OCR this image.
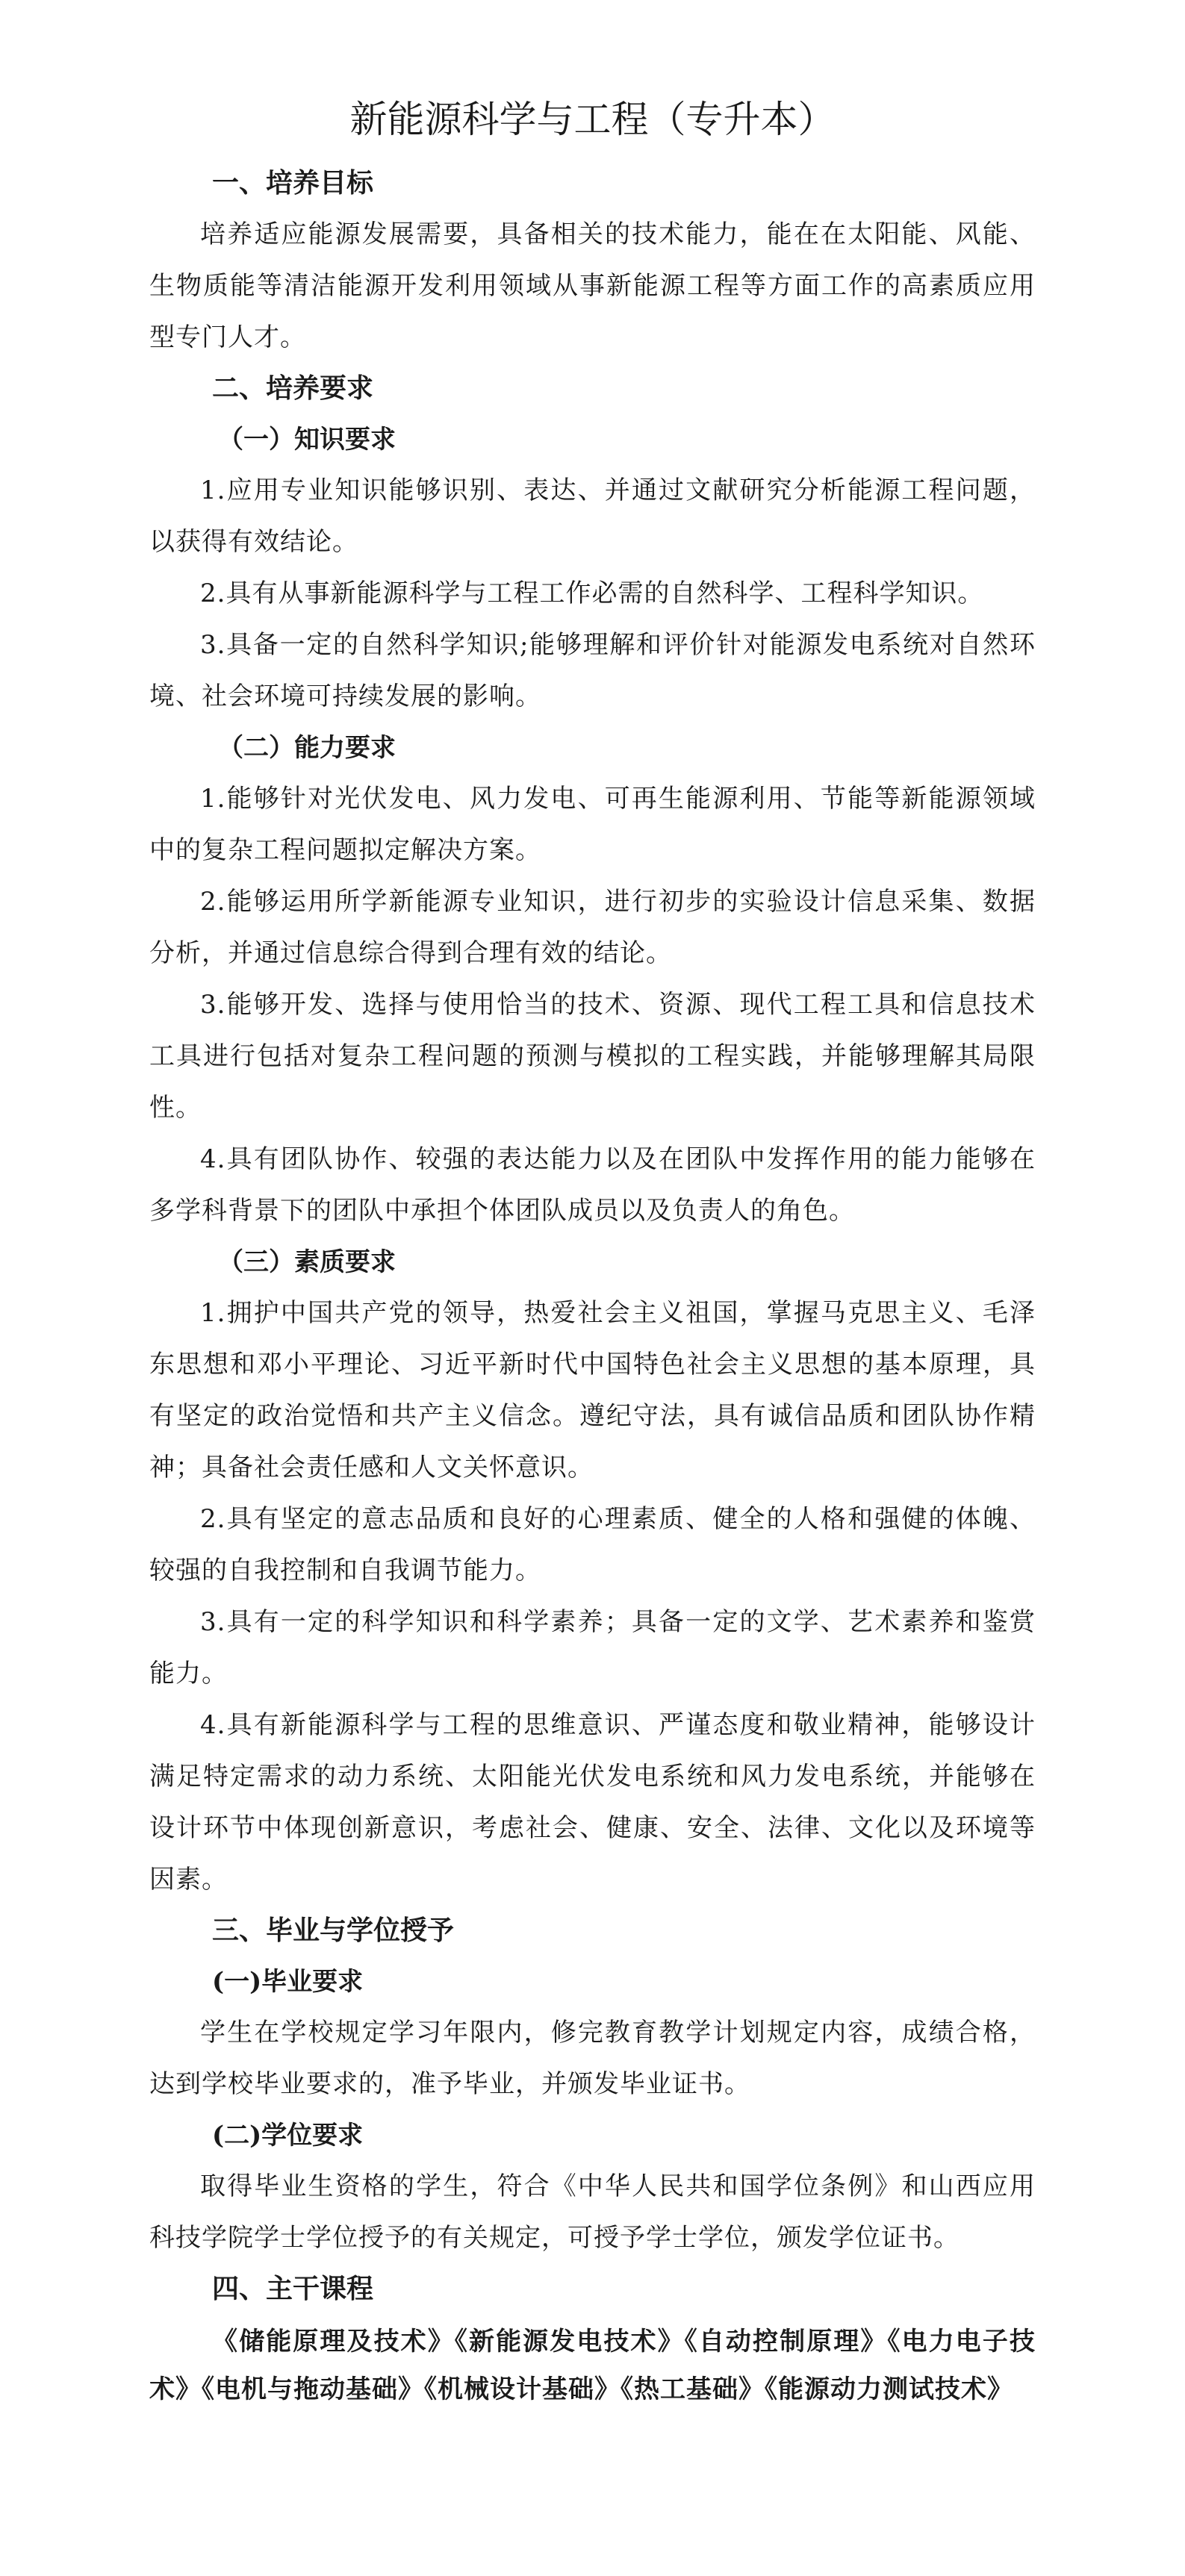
新能源科学与工程（专升本）
一、培养目标

培养适应能源发展需要，具备相关的技术能力，能在在太阳能、风能、生物质能等清洁能源开发利用领域从事新能源工程等方面工作的高素质应用型专门人才。

二、培养要求
（一）知识要求

1.应用专业知识能够识别、表达、并通过文献研究分析能源工程问题，以获得有效结论。

2.具有从事新能源科学与工程工作必需的自然科学、工程科学知识。

3.具备一定的自然科学知识;能够理解和评价针对能源发电系统对自然环境、社会环境可持续发展的影响。

（二）能力要求

1.能够针对光伏发电、风力发电、可再生能源利用、节能等新能源领域中的复杂工程问题拟定解决方案。

2.能够运用所学新能源专业知识，进行初步的实验设计信息采集、数据分析，并通过信息综合得到合理有效的结论。

3.能够开发、选择与使用恰当的技术、资源、现代工程工具和信息技术工具进行包括对复杂工程问题的预测与模拟的工程实践，并能够理解其局限性。

4.具有团队协作、较强的表达能力以及在团队中发挥作用的能力能够在多学科背景下的团队中承担个体团队成员以及负责人的角色。

（三）素质要求

1.拥护中国共产党的领导，热爱社会主义祖国，掌握马克思主义、毛泽东思想和邓小平理论、习近平新时代中国特色社会主义思想的基本原理，具有坚定的政治觉悟和共产主义信念。遵纪守法，具有诚信品质和团队协作精神；具备社会责任感和人文关怀意识。

2.具有坚定的意志品质和良好的心理素质、健全的人格和强健的体魄、较强的自我控制和自我调节能力。

3.具有一定的科学知识和科学素养；具备一定的文学、艺术素养和鉴赏能力。

4.具有新能源科学与工程的思维意识、严谨态度和敬业精神，能够设计满足特定需求的动力系统、太阳能光伏发电系统和风力发电系统，并能够在设计环节中体现创新意识，考虑社会、健康、安全、法律、文化以及环境等因素。

三、毕业与学位授予
(一)毕业要求

学生在学校规定学习年限内，修完教育教学计划规定内容，成绩合格，达到学校毕业要求的，准予毕业，并颁发毕业证书。

(二)学位要求

取得毕业生资格的学生，符合《中华人民共和国学位条例》和山西应用科技学院学士学位授予的有关规定，可授予学士学位，颁发学位证书。

四、主干课程

《储能原理及技术》《新能源发电技术》《自动控制原理》《电力电子技术》《电机与拖动基础》《机械设计基础》《热工基础》《能源动力测试技术》
